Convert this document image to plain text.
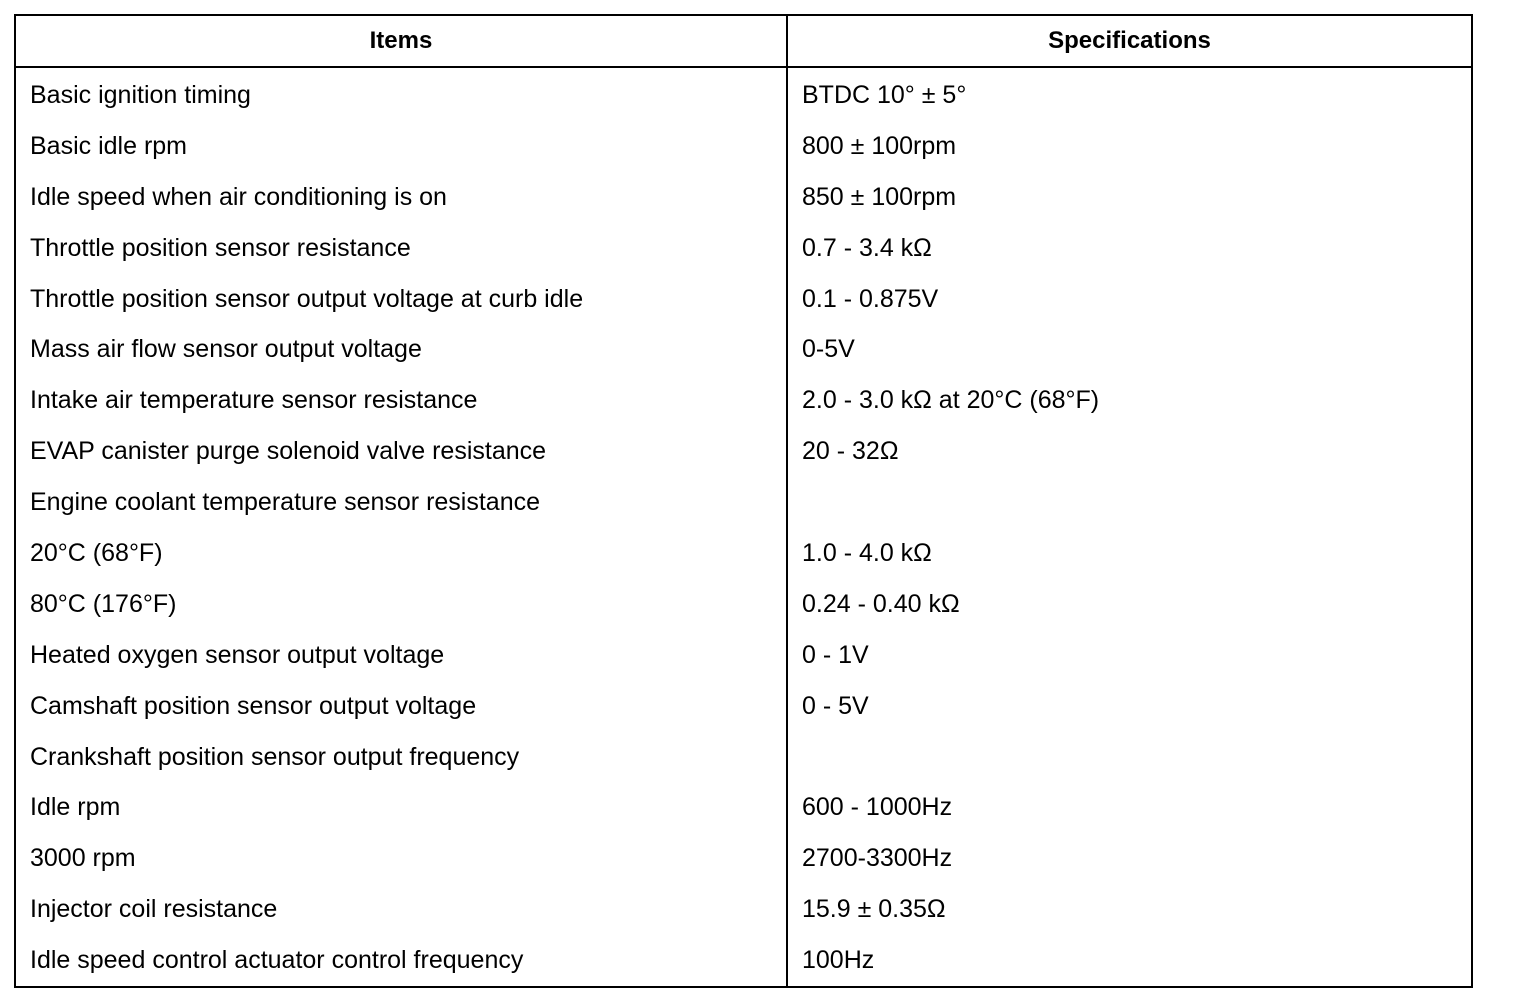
Items	Specifications
Basic ignition timing	BTDC 10° ± 5°
Basic idle rpm	800 ± 100rpm
Idle speed when air conditioning is on	850 ± 100rpm
Throttle position sensor resistance	0.7 - 3.4 kΩ
Throttle position sensor output voltage at curb idle	0.1 - 0.875V
Mass air flow sensor output voltage	0-5V
Intake air temperature sensor resistance	2.0 - 3.0 kΩ at 20°C (68°F)
EVAP canister purge solenoid valve resistance	20 - 32Ω
Engine coolant temperature sensor resistance	
20°C (68°F)	1.0 - 4.0 kΩ
80°C (176°F)	0.24 - 0.40 kΩ
Heated oxygen sensor output voltage	0 - 1V
Camshaft position sensor output voltage	0 - 5V
Crankshaft position sensor output frequency	
Idle rpm	600 - 1000Hz
3000 rpm	2700-3300Hz
Injector coil resistance	15.9 ± 0.35Ω
Idle speed control actuator control frequency	100Hz
